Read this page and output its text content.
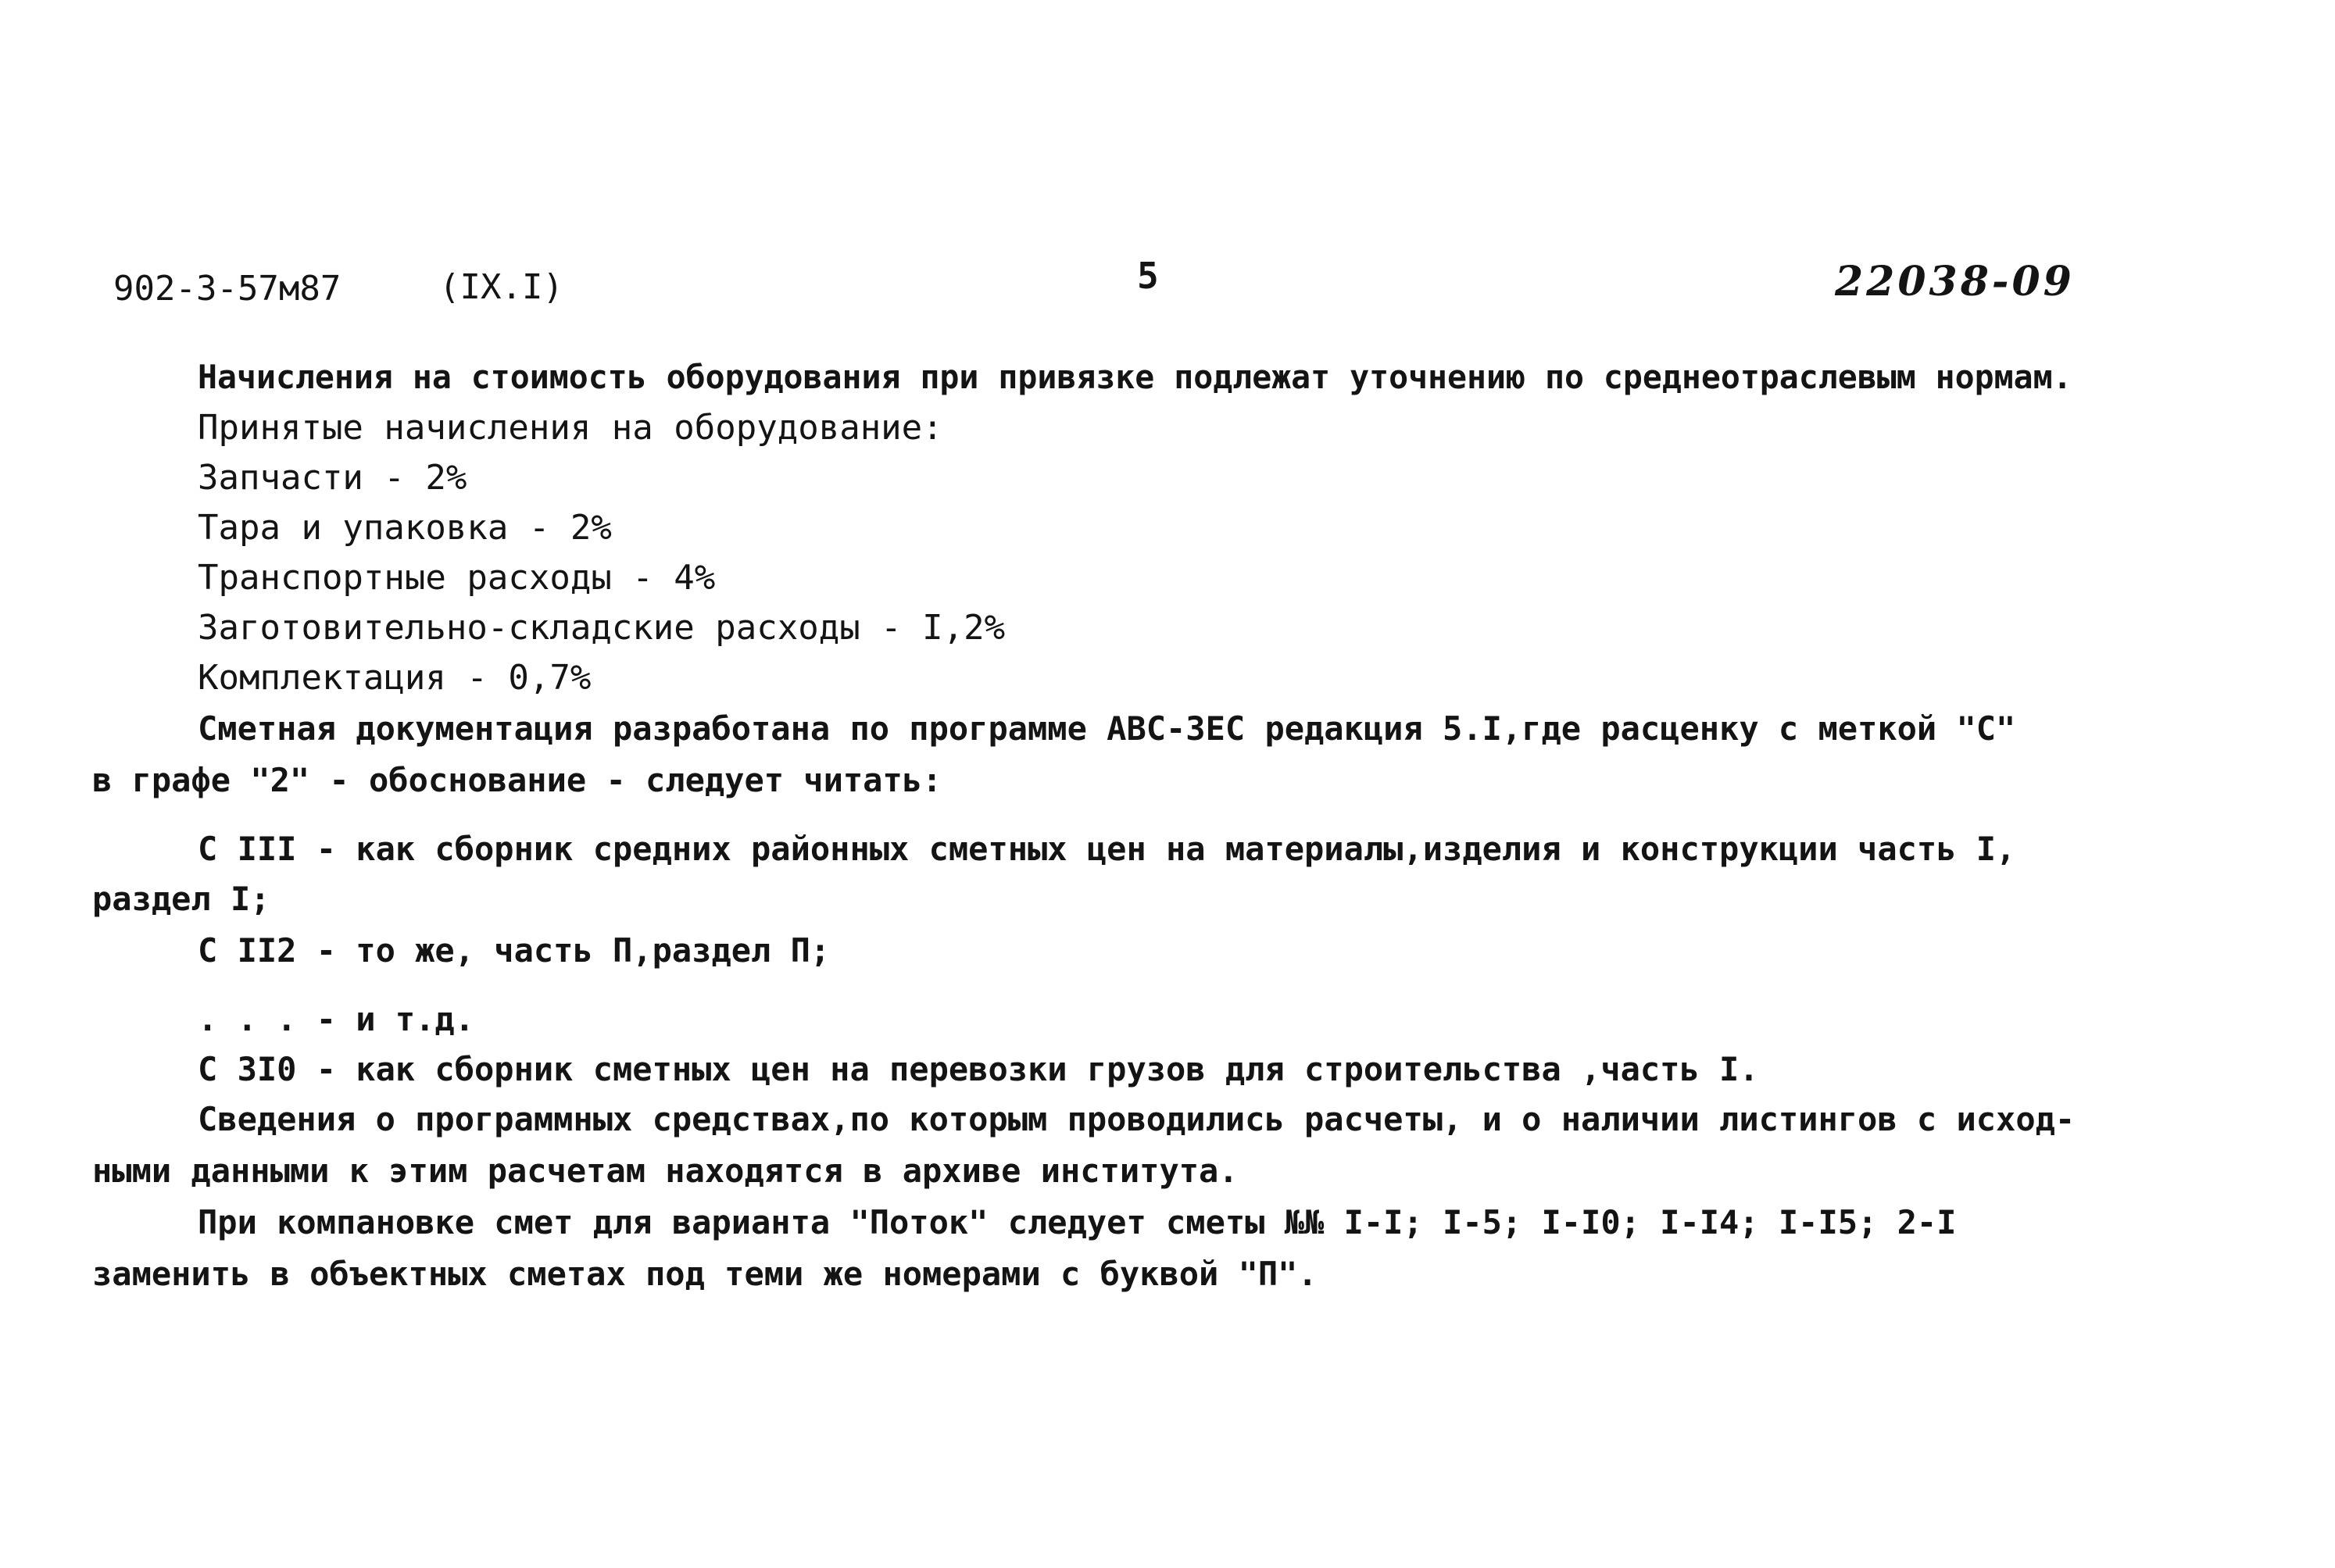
902-3-57м87	(IX.I)	5	22038-09
Начисления на стоимость оборудования при привязке подлежат уточнению по среднеотраслевым нормам.
Принятые начисления на оборудование:
Запчасти - 2%
Тара и упаковка - 2%
Транспортные расходы - 4%
Заготовительно-складские расходы - I,2%
Комплектация - 0,7%
Сметная документация разработана по программе АВС-3ЕС редакция 5.I,где расценку с меткой "С"
в графе "2" - обоснование - следует читать:
С III - как сборник средних районных сметных цен на материалы,изделия и конструкции часть I,
раздел I;
С II2 - то же, часть П,раздел П;
. . . - и т.д.
С 3I0 - как сборник сметных цен на перевозки грузов для строительства ,часть I.
Сведения о программных средствах,по которым проводились расчеты, и о наличии листингов с исход-
ными данными к этим расчетам находятся в архиве института.
При компановке смет для варианта "Поток" следует сметы №№ I-I; I-5; I-I0; I-I4; I-I5; 2-I
заменить в объектных сметах под теми же номерами с буквой "П".
